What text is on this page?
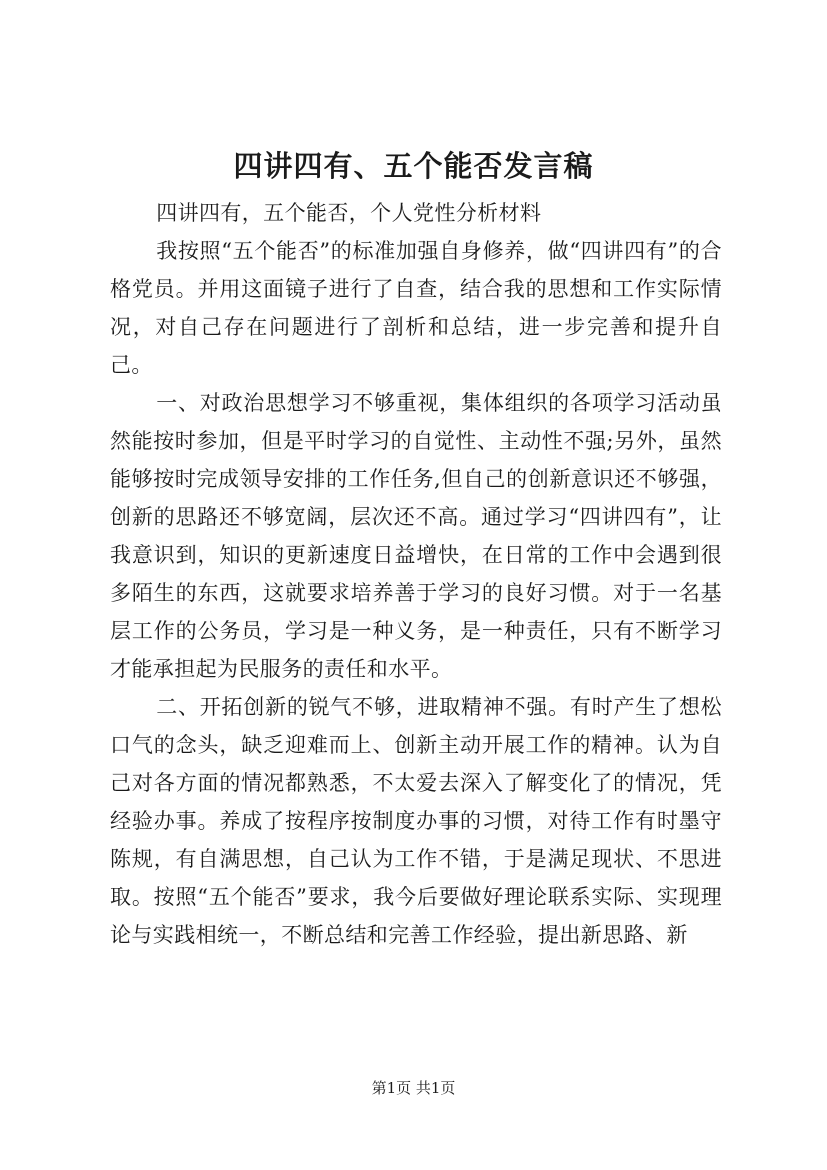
四讲四有、五个能否发言稿

四讲四有，五个能否，个人党性分析材料

我按照“五个能否”的标准加强自身修养，做“四讲四有”的合格党员。并用这面镜子进行了自查，结合我的思想和工作实际情况，对自己存在问题进行了剖析和总结，进一步完善和提升自己。

一、对政治思想学习不够重视，集体组织的各项学习活动虽然能按时参加，但是平时学习的自觉性、主动性不强;另外，虽然能够按时完成领导安排的工作任务,但自己的创新意识还不够强，创新的思路还不够宽阔，层次还不高。通过学习“四讲四有”，让我意识到，知识的更新速度日益增快，在日常的工作中会遇到很多陌生的东西，这就要求培养善于学习的良好习惯。对于一名基层工作的公务员，学习是一种义务，是一种责任，只有不断学习才能承担起为民服务的责任和水平。

二、开拓创新的锐气不够，进取精神不强。有时产生了想松口气的念头，缺乏迎难而上、创新主动开展工作的精神。认为自己对各方面的情况都熟悉，不太爱去深入了解变化了的情况，凭经验办事。养成了按程序按制度办事的习惯，对待工作有时墨守陈规，有自满思想，自己认为工作不错，于是满足现状、不思进取。按照“五个能否”要求，我今后要做好理论联系实际、实现理论与实践相统一，不断总结和完善工作经验，提出新思路、新

第1页 共1页
